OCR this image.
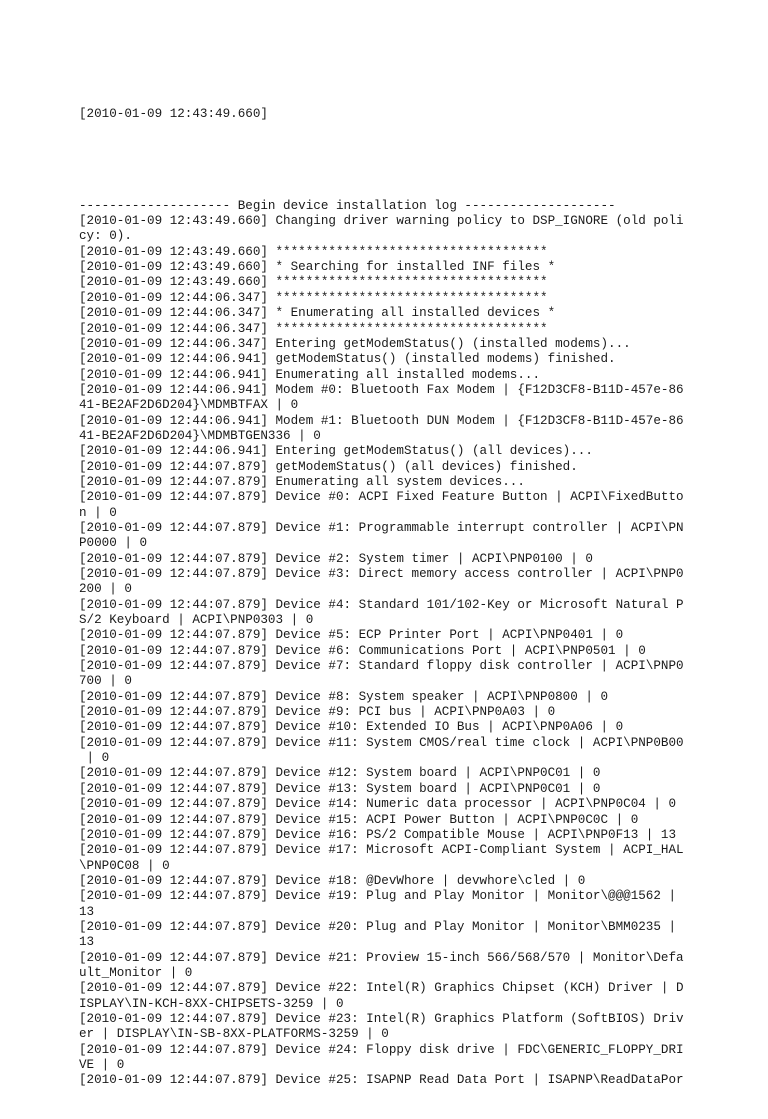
[2010-01-09 12:43:49.660]

-------------------- Begin device installation log --------------------
[2010-01-09 12:43:49.660] Changing driver warning policy to DSP_IGNORE (old poli
cy: 0).
[2010-01-09 12:43:49.660] ************************************
[2010-01-09 12:43:49.660] * Searching for installed INF files *
[2010-01-09 12:43:49.660] ************************************
[2010-01-09 12:44:06.347] ************************************
[2010-01-09 12:44:06.347] * Enumerating all installed devices *
[2010-01-09 12:44:06.347] ************************************
[2010-01-09 12:44:06.347] Entering getModemStatus() (installed modems)...
[2010-01-09 12:44:06.941] getModemStatus() (installed modems) finished.
[2010-01-09 12:44:06.941] Enumerating all installed modems...
[2010-01-09 12:44:06.941] Modem #0: Bluetooth Fax Modem | {F12D3CF8-B11D-457e-86
41-BE2AF2D6D204}\MDMBTFAX | 0
[2010-01-09 12:44:06.941] Modem #1: Bluetooth DUN Modem | {F12D3CF8-B11D-457e-86
41-BE2AF2D6D204}\MDMBTGEN336 | 0
[2010-01-09 12:44:06.941] Entering getModemStatus() (all devices)...
[2010-01-09 12:44:07.879] getModemStatus() (all devices) finished.
[2010-01-09 12:44:07.879] Enumerating all system devices...
[2010-01-09 12:44:07.879] Device #0: ACPI Fixed Feature Button | ACPI\FixedButto
n | 0
[2010-01-09 12:44:07.879] Device #1: Programmable interrupt controller | ACPI\PN
P0000 | 0
[2010-01-09 12:44:07.879] Device #2: System timer | ACPI\PNP0100 | 0
[2010-01-09 12:44:07.879] Device #3: Direct memory access controller | ACPI\PNP0
200 | 0
[2010-01-09 12:44:07.879] Device #4: Standard 101/102-Key or Microsoft Natural P
S/2 Keyboard | ACPI\PNP0303 | 0
[2010-01-09 12:44:07.879] Device #5: ECP Printer Port | ACPI\PNP0401 | 0
[2010-01-09 12:44:07.879] Device #6: Communications Port | ACPI\PNP0501 | 0
[2010-01-09 12:44:07.879] Device #7: Standard floppy disk controller | ACPI\PNP0
700 | 0
[2010-01-09 12:44:07.879] Device #8: System speaker | ACPI\PNP0800 | 0
[2010-01-09 12:44:07.879] Device #9: PCI bus | ACPI\PNP0A03 | 0
[2010-01-09 12:44:07.879] Device #10: Extended IO Bus | ACPI\PNP0A06 | 0
[2010-01-09 12:44:07.879] Device #11: System CMOS/real time clock | ACPI\PNP0B00
| 0
[2010-01-09 12:44:07.879] Device #12: System board | ACPI\PNP0C01 | 0
[2010-01-09 12:44:07.879] Device #13: System board | ACPI\PNP0C01 | 0
[2010-01-09 12:44:07.879] Device #14: Numeric data processor | ACPI\PNP0C04 | 0
[2010-01-09 12:44:07.879] Device #15: ACPI Power Button | ACPI\PNP0C0C | 0
[2010-01-09 12:44:07.879] Device #16: PS/2 Compatible Mouse | ACPI\PNP0F13 | 13
[2010-01-09 12:44:07.879] Device #17: Microsoft ACPI-Compliant System | ACPI_HAL
\PNP0C08 | 0
[2010-01-09 12:44:07.879] Device #18: @DevWhore | devwhore\cled | 0
[2010-01-09 12:44:07.879] Device #19: Plug and Play Monitor | Monitor\@@@1562 |
13
[2010-01-09 12:44:07.879] Device #20: Plug and Play Monitor | Monitor\BMM0235 |
13
[2010-01-09 12:44:07.879] Device #21: Proview 15-inch 566/568/570 | Monitor\Defa
ult_Monitor | 0
[2010-01-09 12:44:07.879] Device #22: Intel(R) Graphics Chipset (KCH) Driver | D
ISPLAY\IN-KCH-8XX-CHIPSETS-3259 | 0
[2010-01-09 12:44:07.879] Device #23: Intel(R) Graphics Platform (SoftBIOS) Driv
er | DISPLAY\IN-SB-8XX-PLATFORMS-3259 | 0
[2010-01-09 12:44:07.879] Device #24: Floppy disk drive | FDC\GENERIC_FLOPPY_DRI
VE | 0
[2010-01-09 12:44:07.879] Device #25: ISAPNP Read Data Port | ISAPNP\ReadDataPor
